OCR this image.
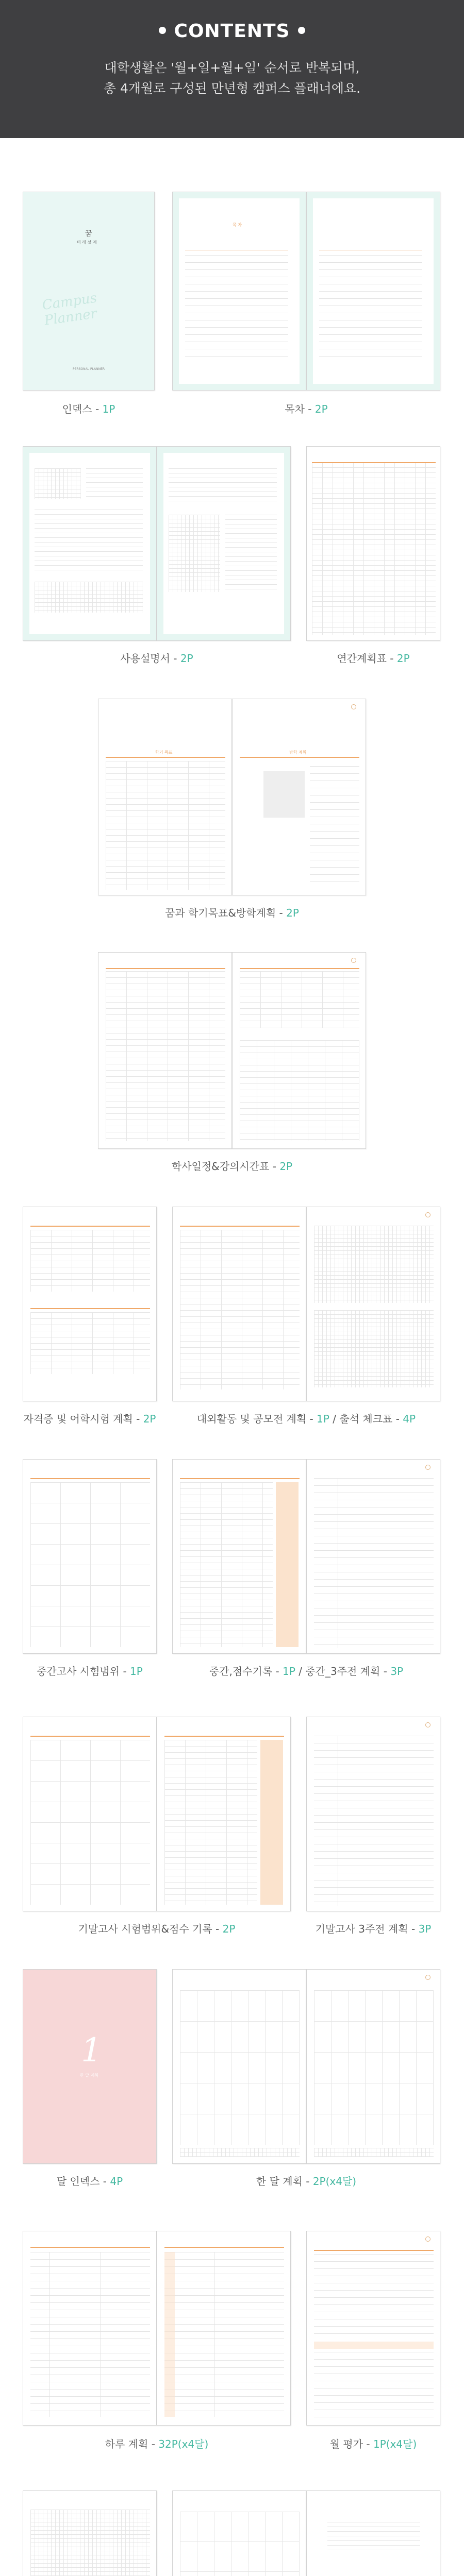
CONTENTS
대학생활은 '월+일+월+일' 순서로 반복되며,
총 4개월로 구성된 만년형 캠퍼스 플래너에요.
꿈
미 래 설 계
Campus Planner
PERSONAL PLANNER
인덱스 - 1P
목 차
목차 - 2P
사용설명서 - 2P	연간계획표 - 2P
학기 목표	방학 계획
꿈과 학기목표&방학계획 - 2P
학사일정&강의시간표 - 2P
자격증 및 어학시험 계획 - 2P	대외활동 및 공모전 계획 - 1P / 출석 체크표 - 4P
중간고사 시험범위 - 1P	중간,점수기록 - 1P / 중간_3주전 계획 - 3P
기말고사 시험범위&점수 기록 - 2P	기말고사 3주전 계획 - 3P
1
한 달 계획
달 인덱스 - 4P	한 달 계획 - 2P(x4달)
하루 계획 - 32P(x4달)	월 평가 - 1P(x4달)
